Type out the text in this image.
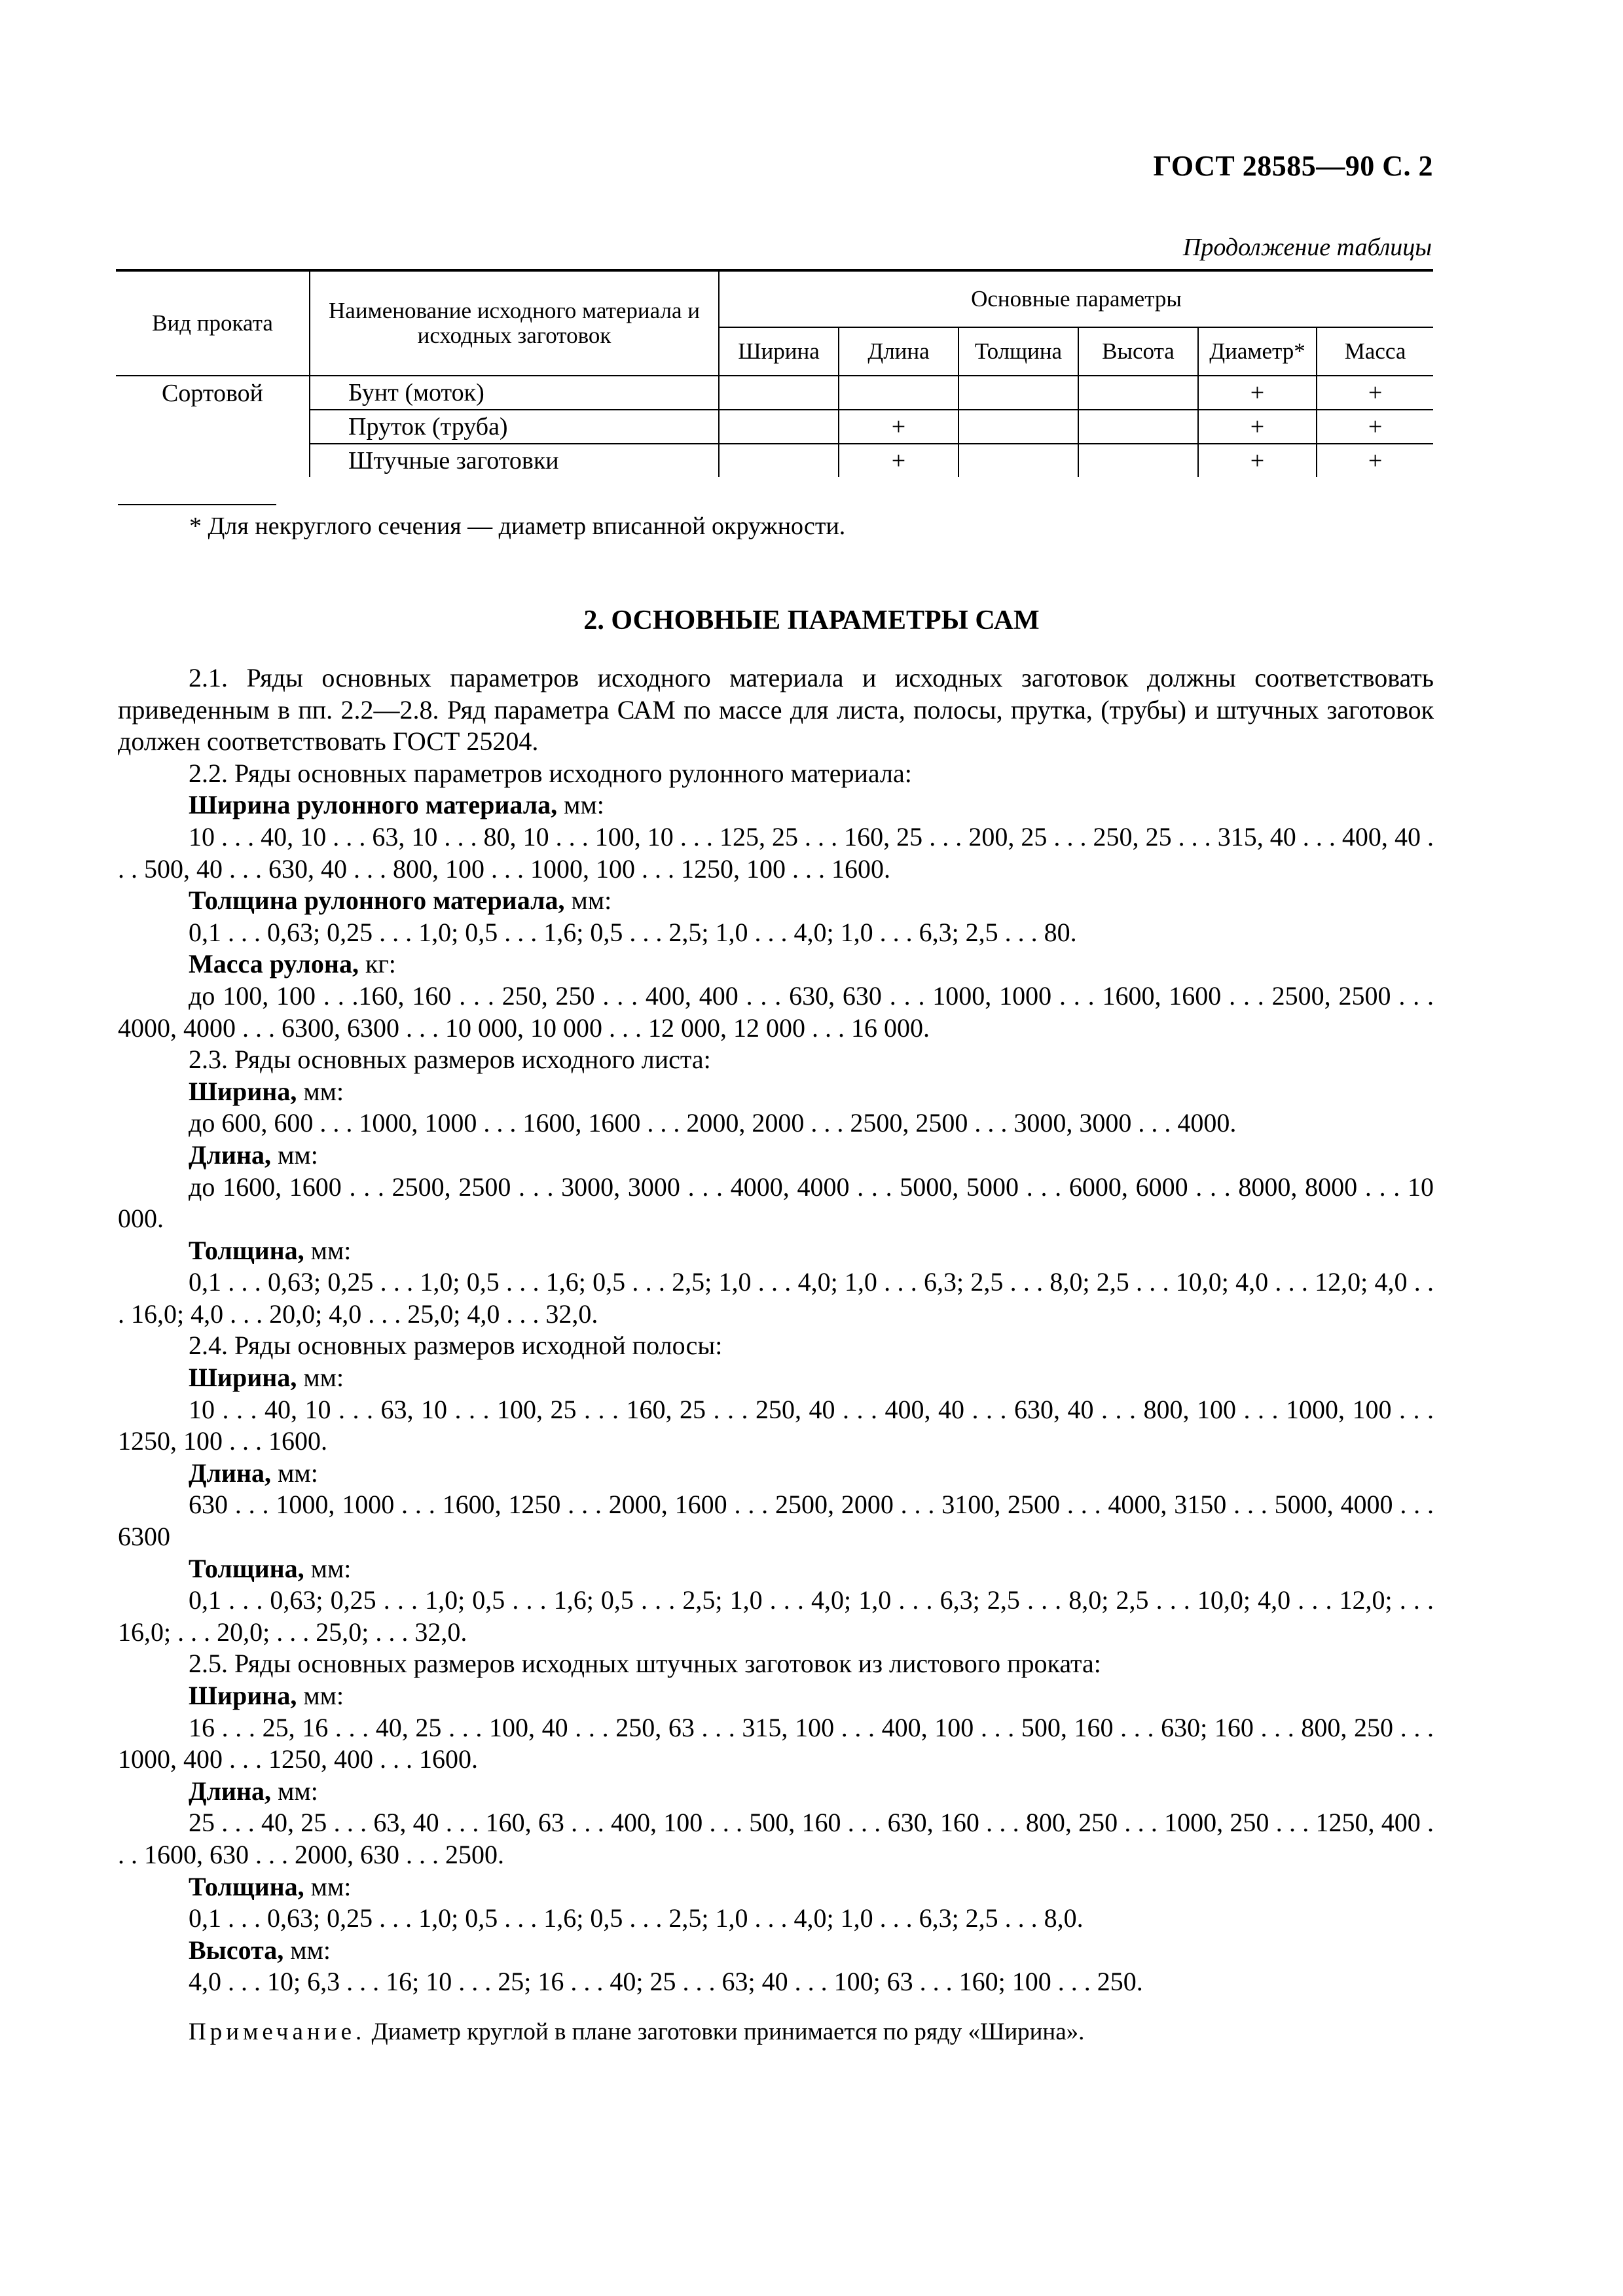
ГОСТ 28585—90 С. 2
Продолжение таблицы
Вид проката	Наименование исходного материала и исходных заготовок	Основные параметры					
		Ширина	Длина	Толщина	Высота	Диаметр*	Масса
Сортовой	Бунт (моток)					+	+
	Пруток (труба)		+			+	+
	Штучные заготовки		+			+	+
* Для некруглого сечения — диаметр вписанной окружности.
2. ОСНОВНЫЕ ПАРАМЕТРЫ САМ

2.1. Ряды основных параметров исходного материала и исходных заготовок должны соответствовать приведенным в пп. 2.2—2.8. Ряд параметра САМ по массе для листа, полосы, прутка, (трубы) и штучных заготовок должен соответствовать ГОСТ 25204.

2.2. Ряды основных параметров исходного рулонного материала:

Ширина рулонного материала, мм:

10 . . . 40, 10 . . . 63, 10 . . . 80, 10 . . . 100, 10 . . . 125, 25 . . . 160, 25 . . . 200, 25 . . . 250, 25 . . . 315, 40 . . . 400, 40 . . . 500, 40 . . . 630, 40 . . . 800, 100 . . . 1000, 100 . . . 1250, 100 . . . 1600.

Толщина рулонного материала, мм:

0,1 . . . 0,63; 0,25 . . . 1,0; 0,5 . . . 1,6; 0,5 . . . 2,5; 1,0 . . . 4,0; 1,0 . . . 6,3; 2,5 . . . 80.

Масса рулона, кг:

до 100, 100 . . .160, 160 . . . 250, 250 . . . 400, 400 . . . 630, 630 . . . 1000, 1000 . . . 1600, 1600 . . . 2500, 2500 . . . 4000, 4000 . . . 6300, 6300 . . . 10 000, 10 000 . . . 12 000, 12 000 . . . 16 000.

2.3. Ряды основных размеров исходного листа:

Ширина, мм:

до 600, 600 . . . 1000, 1000 . . . 1600, 1600 . . . 2000, 2000 . . . 2500, 2500 . . . 3000, 3000 . . . 4000.

Длина, мм:

до 1600, 1600 . . . 2500, 2500 . . . 3000, 3000 . . . 4000, 4000 . . . 5000, 5000 . . . 6000, 6000 . . . 8000, 8000 . . . 10 000.

Толщина, мм:

0,1 . . . 0,63; 0,25 . . . 1,0; 0,5 . . . 1,6; 0,5 . . . 2,5; 1,0 . . . 4,0; 1,0 . . . 6,3; 2,5 . . . 8,0; 2,5 . . . 10,0; 4,0 . . . 12,0; 4,0 . . . 16,0; 4,0 . . . 20,0; 4,0 . . . 25,0; 4,0 . . . 32,0.

2.4. Ряды основных размеров исходной полосы:

Ширина, мм:

10 . . . 40, 10 . . . 63, 10 . . . 100, 25 . . . 160, 25 . . . 250, 40 . . . 400, 40 . . . 630, 40 . . . 800, 100 . . . 1000, 100 . . . 1250, 100 . . . 1600.

Длина, мм:

630 . . . 1000, 1000 . . . 1600, 1250 . . . 2000, 1600 . . . 2500, 2000 . . . 3100, 2500 . . . 4000, 3150 . . . 5000, 4000 . . . 6300

Толщина, мм:

0,1 . . . 0,63; 0,25 . . . 1,0; 0,5 . . . 1,6; 0,5 . . . 2,5; 1,0 . . . 4,0; 1,0 . . . 6,3; 2,5 . . . 8,0; 2,5 . . . 10,0; 4,0 . . . 12,0; . . . 16,0; . . . 20,0; . . . 25,0; . . . 32,0.

2.5. Ряды основных размеров исходных штучных заготовок из листового проката:

Ширина, мм:

16 . . . 25, 16 . . . 40, 25 . . . 100, 40 . . . 250, 63 . . . 315, 100 . . . 400, 100 . . . 500, 160 . . . 630; 160 . . . 800, 250 . . . 1000, 400 . . . 1250, 400 . . . 1600.

Длина, мм:

25 . . . 40, 25 . . . 63, 40 . . . 160, 63 . . . 400, 100 . . . 500, 160 . . . 630, 160 . . . 800, 250 . . . 1000, 250 . . . 1250, 400 . . . 1600, 630 . . . 2000, 630 . . . 2500.

Толщина, мм:

0,1 . . . 0,63; 0,25 . . . 1,0; 0,5 . . . 1,6; 0,5 . . . 2,5; 1,0 . . . 4,0; 1,0 . . . 6,3; 2,5 . . . 8,0.

Высота, мм:

4,0 . . . 10; 6,3 . . . 16; 10 . . . 25; 16 . . . 40; 25 . . . 63; 40 . . . 100; 63 . . . 160; 100 . . . 250.

Примечание. Диаметр круглой в плане заготовки принимается по ряду «Ширина».
